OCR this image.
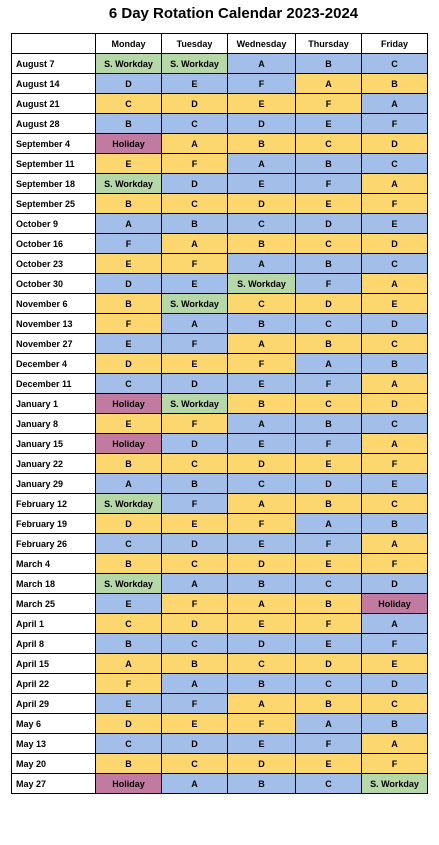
6 Day Rotation Calendar 2023-2024
	Monday	Tuesday	Wednesday	Thursday	Friday
August 7	S. Workday	S. Workday	A	B	C
August 14	D	E	F	A	B
August 21	C	D	E	F	A
August 28	B	C	D	E	F
September 4	Holiday	A	B	C	D
September 11	E	F	A	B	C
September 18	S. Workday	D	E	F	A
September 25	B	C	D	E	F
October 9	A	B	C	D	E
October 16	F	A	B	C	D
October 23	E	F	A	B	C
October 30	D	E	S. Workday	F	A
November 6	B	S. Workday	C	D	E
November 13	F	A	B	C	D
November 27	E	F	A	B	C
December 4	D	E	F	A	B
December 11	C	D	E	F	A
January 1	Holiday	S. Workday	B	C	D
January 8	E	F	A	B	C
January 15	Holiday	D	E	F	A
January 22	B	C	D	E	F
January 29	A	B	C	D	E
February 12	S. Workday	F	A	B	C
February 19	D	E	F	A	B
February 26	C	D	E	F	A
March 4	B	C	D	E	F
March 18	S. Workday	A	B	C	D
March 25	E	F	A	B	Holiday
April 1	C	D	E	F	A
April 8	B	C	D	E	F
April 15	A	B	C	D	E
April 22	F	A	B	C	D
April 29	E	F	A	B	C
May 6	D	E	F	A	B
May 13	C	D	E	F	A
May 20	B	C	D	E	F
May 27	Holiday	A	B	C	S. Workday
